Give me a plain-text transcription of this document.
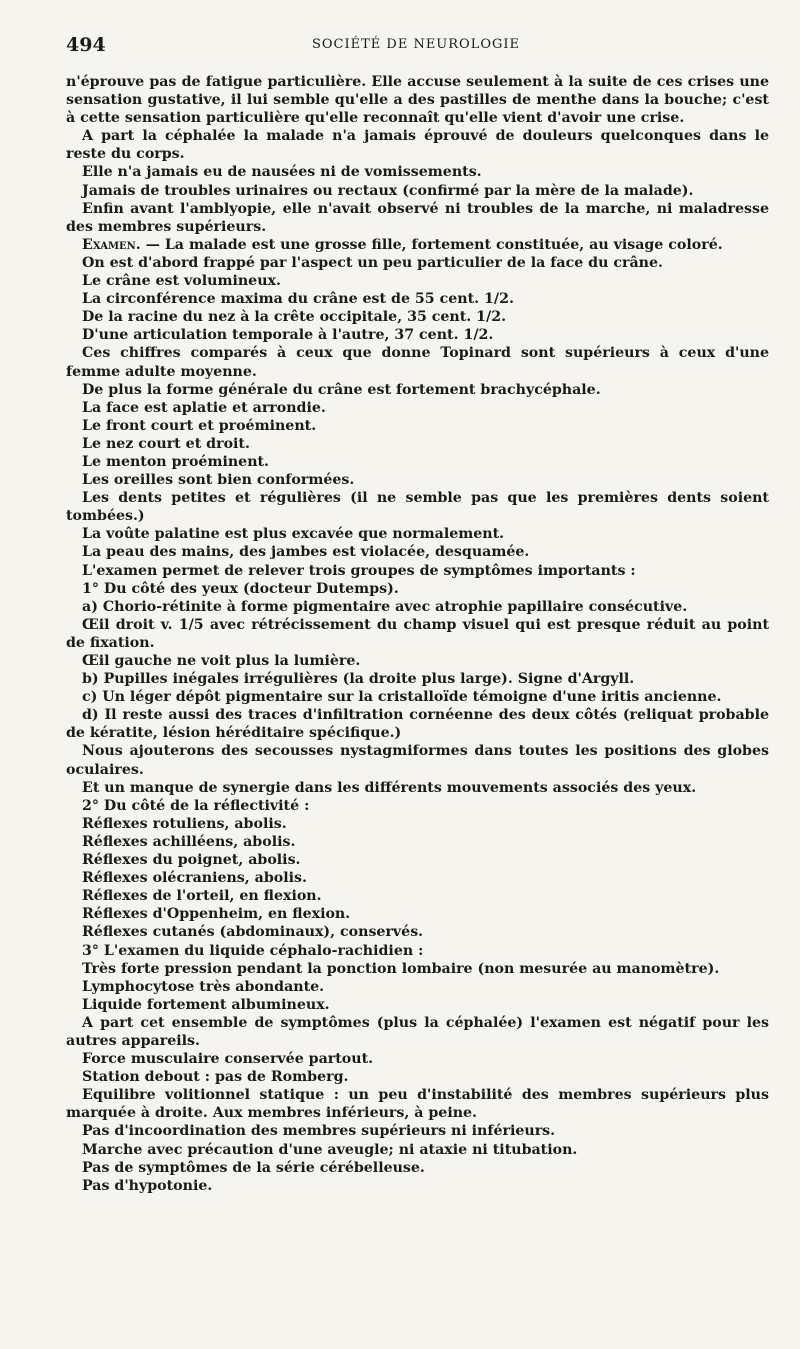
494	SOCIÉTÉ DE NEUROLOGIE

n'éprouve pas de fatigue particulière. Elle accuse seulement à la suite de ces crises une sensation gustative, il lui semble qu'elle a des pastilles de menthe dans la bouche; c'est à cette sensation particulière qu'elle reconnaît qu'elle vient d'avoir une crise.

A part la céphalée la malade n'a jamais éprouvé de douleurs quelconques dans le reste du corps.

Elle n'a jamais eu de nausées ni de vomissements.

Jamais de troubles urinaires ou rectaux (confirmé par la mère de la malade).

Enfin avant l'amblyopie, elle n'avait observé ni troubles de la marche, ni maladresse des membres supérieurs.

Examen. — La malade est une grosse fille, fortement constituée, au visage coloré.

On est d'abord frappé par l'aspect un peu particulier de la face du crâne.

Le crâne est volumineux.

La circonférence maxima du crâne est de 55 cent. 1/2.

De la racine du nez à la crête occipitale, 35 cent. 1/2.

D'une articulation temporale à l'autre, 37 cent. 1/2.

Ces chiffres comparés à ceux que donne Topinard sont supérieurs à ceux d'une femme adulte moyenne.

De plus la forme générale du crâne est fortement brachycéphale.

La face est aplatie et arrondie.

Le front court et proéminent.

Le nez court et droit.

Le menton proéminent.

Les oreilles sont bien conformées.

Les dents petites et régulières (il ne semble pas que les premières dents soient tombées.)

La voûte palatine est plus excavée que normalement.

La peau des mains, des jambes est violacée, desquamée.

L'examen permet de relever trois groupes de symptômes importants :

1° Du côté des yeux (docteur Dutemps).

a) Chorio-rétinite à forme pigmentaire avec atrophie papillaire consécutive.

Œil droit v. 1/5 avec rétrécissement du champ visuel qui est presque réduit au point de fixation.

Œil gauche ne voit plus la lumière.

b) Pupilles inégales irrégulières (la droite plus large). Signe d'Argyll.

c) Un léger dépôt pigmentaire sur la cristalloïde témoigne d'une iritis ancienne.

d) Il reste aussi des traces d'infiltration cornéenne des deux côtés (reliquat probable de kératite, lésion héréditaire spécifique.)

Nous ajouterons des secousses nystagmiformes dans toutes les positions des globes oculaires.

Et un manque de synergie dans les différents mouvements associés des yeux.

2° Du côté de la réflectivité :

Réflexes rotuliens, abolis.

Réflexes achilléens, abolis.

Réflexes du poignet, abolis.

Réflexes olécraniens, abolis.

Réflexes de l'orteil, en flexion.

Réflexes d'Oppenheim, en flexion.

Réflexes cutanés (abdominaux), conservés.

3° L'examen du liquide céphalo-rachidien :

Très forte pression pendant la ponction lombaire (non mesurée au manomètre).

Lymphocytose très abondante.

Liquide fortement albumineux.

A part cet ensemble de symptômes (plus la céphalée) l'examen est négatif pour les autres appareils.

Force musculaire conservée partout.

Station debout : pas de Romberg.

Equilibre volitionnel statique : un peu d'instabilité des membres supérieurs plus marquée à droite. Aux membres inférieurs, à peine.

Pas d'incoordination des membres supérieurs ni inférieurs.

Marche avec précaution d'une aveugle; ni ataxie ni titubation.

Pas de symptômes de la série cérébelleuse.

Pas d'hypotonie.
